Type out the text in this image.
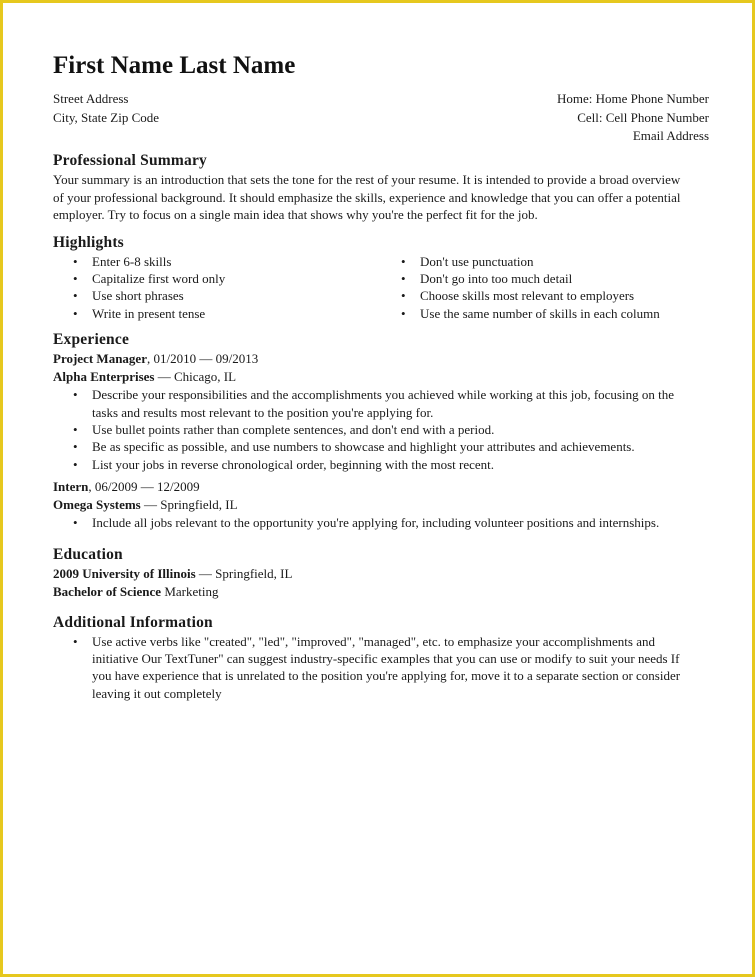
First Name Last Name
Street Address
City, State Zip Code
Home: Home Phone Number
Cell: Cell Phone Number
Email Address
Professional Summary

Your summary is an introduction that sets the tone for the rest of your resume. It is intended to provide a broad overview
of your professional background. It should emphasize the skills, experience and knowledge that you can offer a potential
employer. Try to focus on a single main idea that shows why you're the perfect fit for the job.

Highlights
• Enter 6-8 skills
• Capitalize first word only
• Use short phrases
• Write in present tense
• Don't use punctuation
• Don't go into too much detail
• Choose skills most relevant to employers
• Use the same number of skills in each column
Experience
Project Manager, 01/2010 — 09/2013
Alpha Enterprises — Chicago, IL
• Describe your responsibilities and the accomplishments you achieved while working at this job, focusing on the
tasks and results most relevant to the position you're applying for.
• Use bullet points rather than complete sentences, and don't end with a period.
• Be as specific as possible, and use numbers to showcase and highlight your attributes and achievements.
• List your jobs in reverse chronological order, beginning with the most recent.
Intern, 06/2009 — 12/2009
Omega Systems — Springfield, IL
• Include all jobs relevant to the opportunity you're applying for, including volunteer positions and internships.
Education
2009 University of Illinois — Springfield, IL
Bachelor of Science Marketing
Additional Information
• Use active verbs like "created", "led", "improved", "managed", etc. to emphasize your accomplishments and
initiative Our TextTuner" can suggest industry-specific examples that you can use or modify to suit your needs If
you have experience that is unrelated to the position you're applying for, move it to a separate section or consider
leaving it out completely
